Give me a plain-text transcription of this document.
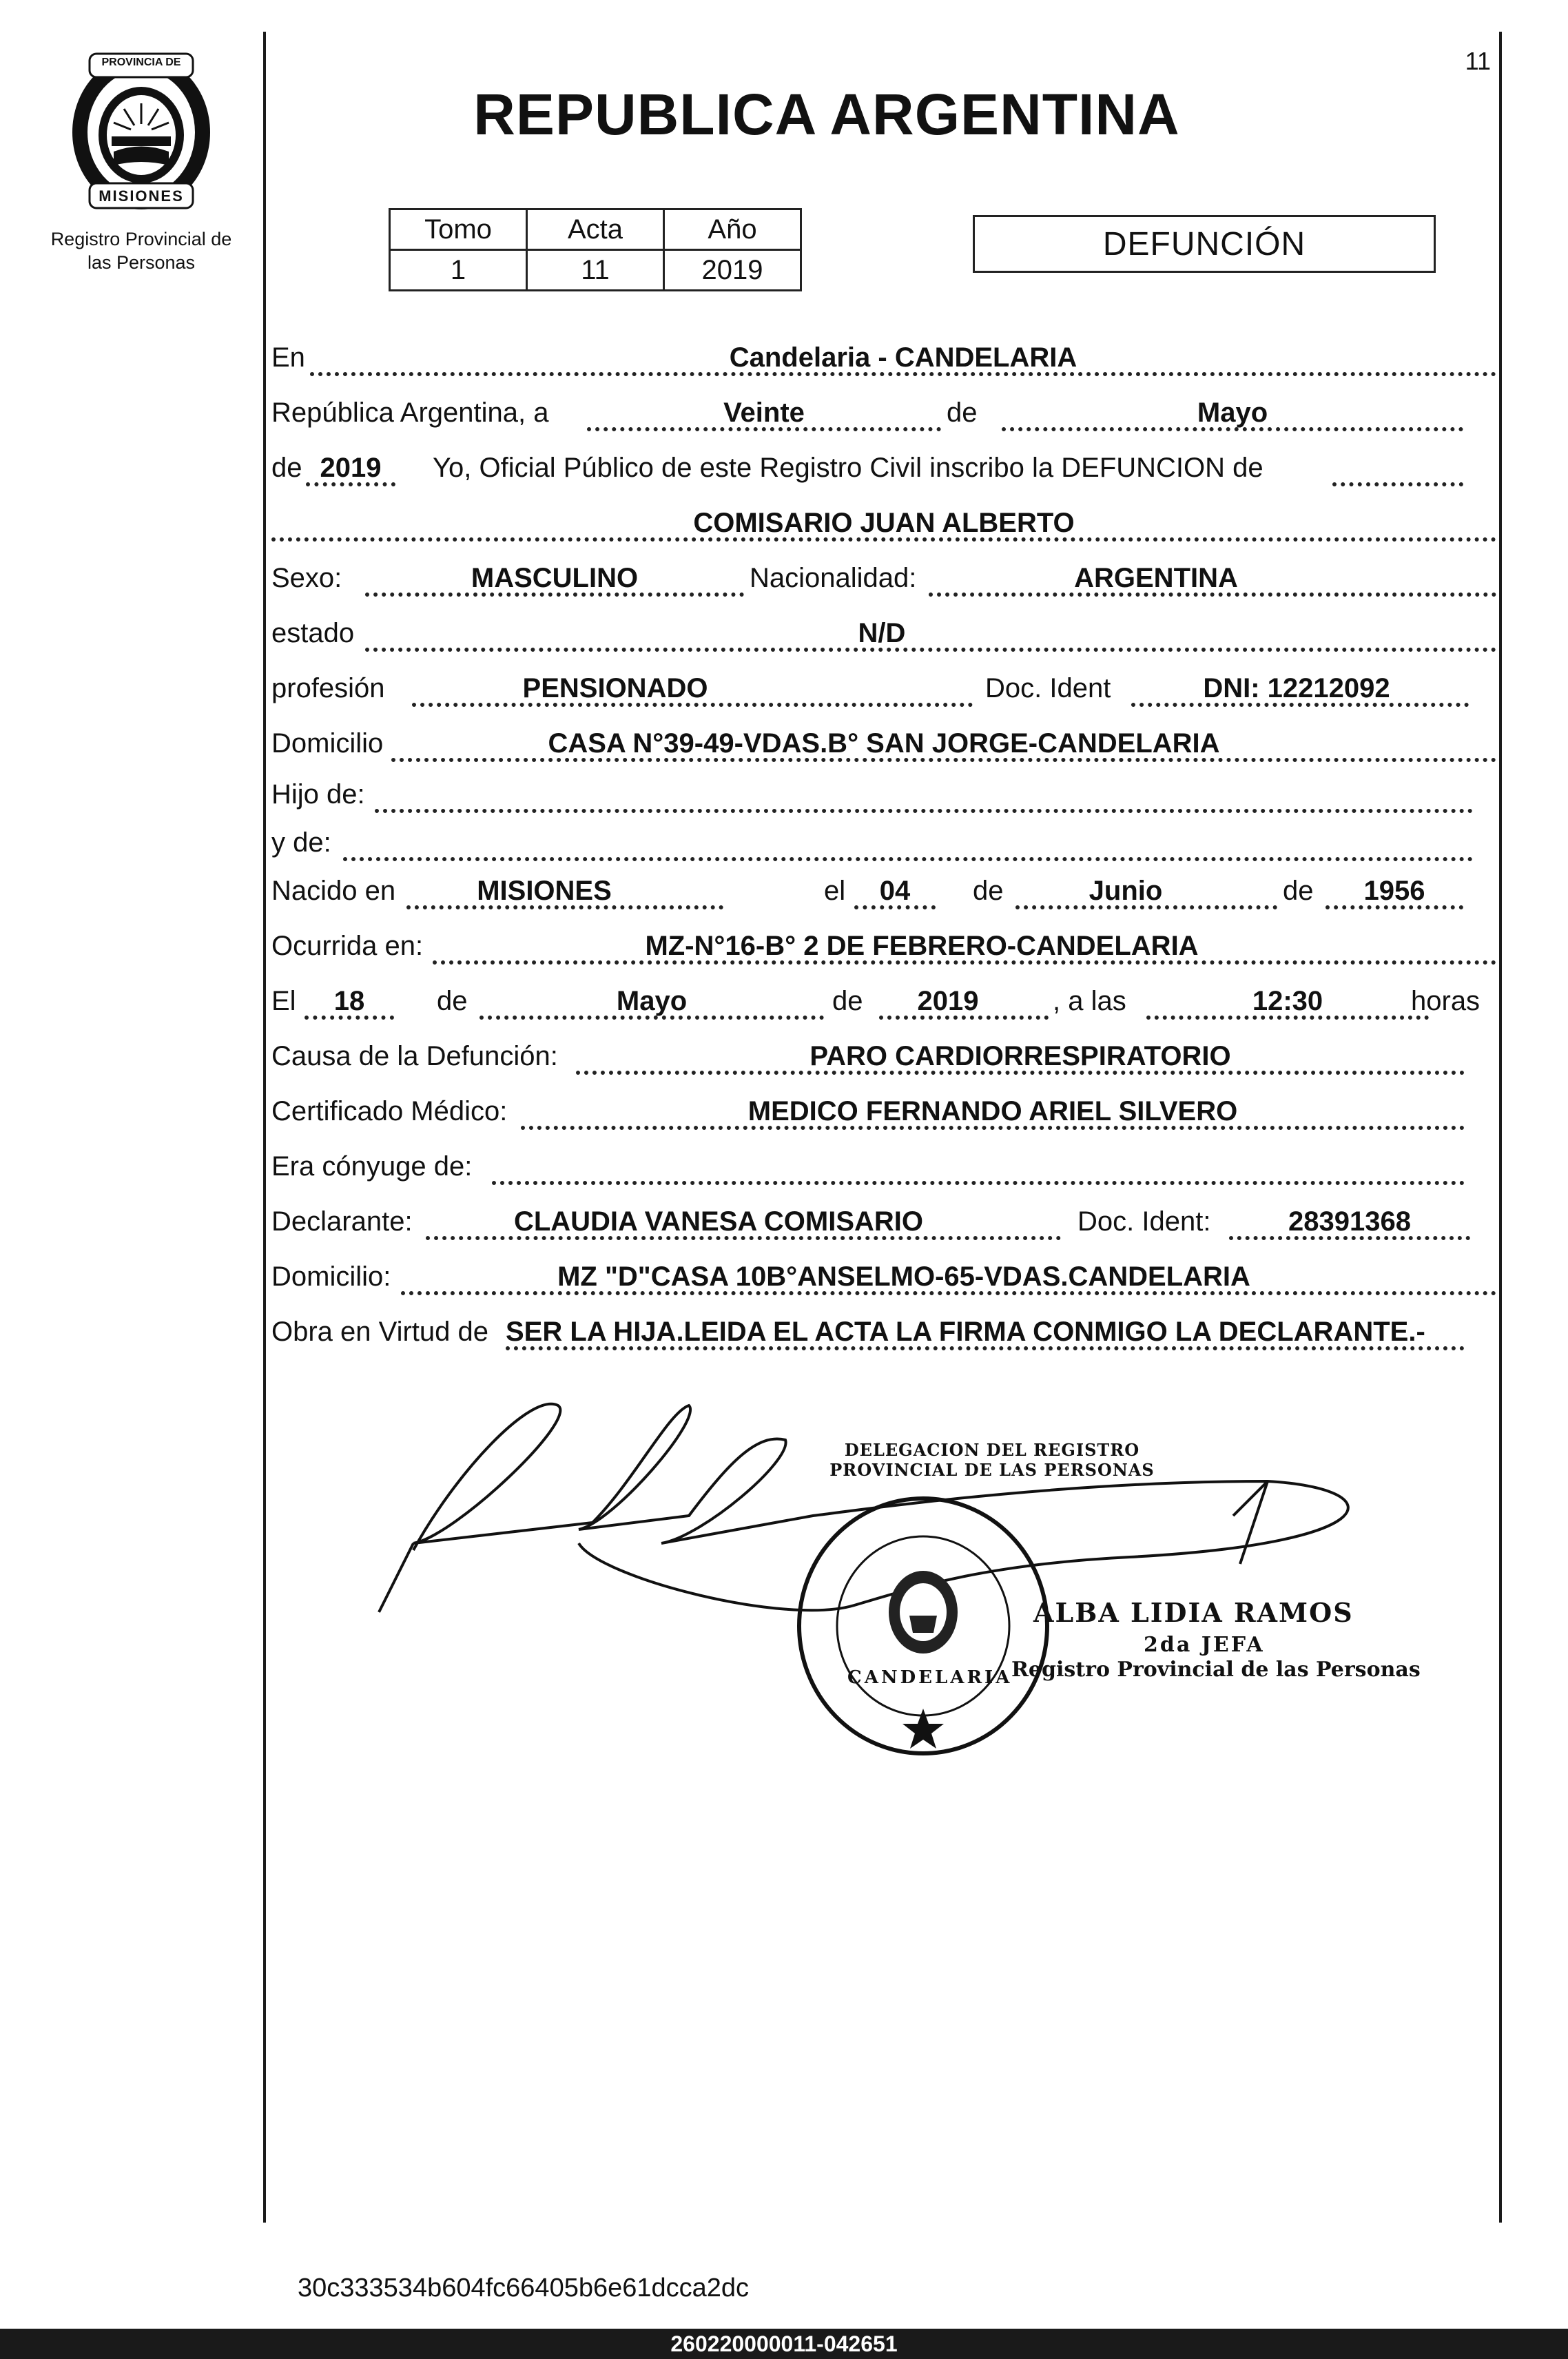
PROVINCIA DE
MISIONES
Registro Provincial de
las Personas
11
REPUBLICA ARGENTINA
Tomo	Acta	Año
1	11	2019
DEFUNCIÓN
En	Candelaria - CANDELARIA
República Argentina, a	Veinte	de	Mayo
de 2019	Yo, Oficial Público de este Registro Civil inscribo la DEFUNCION de
COMISARIO JUAN ALBERTO
Sexo:	MASCULINO	Nacionalidad:	ARGENTINA
estado	N/D
profesión	PENSIONADO	Doc. Ident	DNI: 12212092
Domicilio	CASA N°39-49-VDAS.B° SAN JORGE-CANDELARIA
Hijo de:
y de:
Nacido en	MISIONES	el	04	de	Junio	de	1956
Ocurrida en:	MZ-N°16-B° 2 DE FEBRERO-CANDELARIA
El	18	de	Mayo	de	2019	, a las	12:30	horas
Causa de la Defunción:	PARO CARDIORRESPIRATORIO
Certificado Médico:	MEDICO FERNANDO ARIEL SILVERO
Era cónyuge de:
Declarante:	CLAUDIA VANESA COMISARIO	Doc. Ident:	28391368
Domicilio:	MZ "D"CASA 10B°ANSELMO-65-VDAS.CANDELARIA
Obra en Virtud de SER LA HIJA.LEIDA EL ACTA LA FIRMA CONMIGO LA DECLARANTE.-
DELEGACION DEL REGISTRO PROVINCIAL DE LAS PERSONAS
CANDELARIA
ALBA LIDIA RAMOS
2da JEFA
Registro Provincial de las Personas
30c333534b604fc66405b6e61dcca2dc
260220000011-042651
